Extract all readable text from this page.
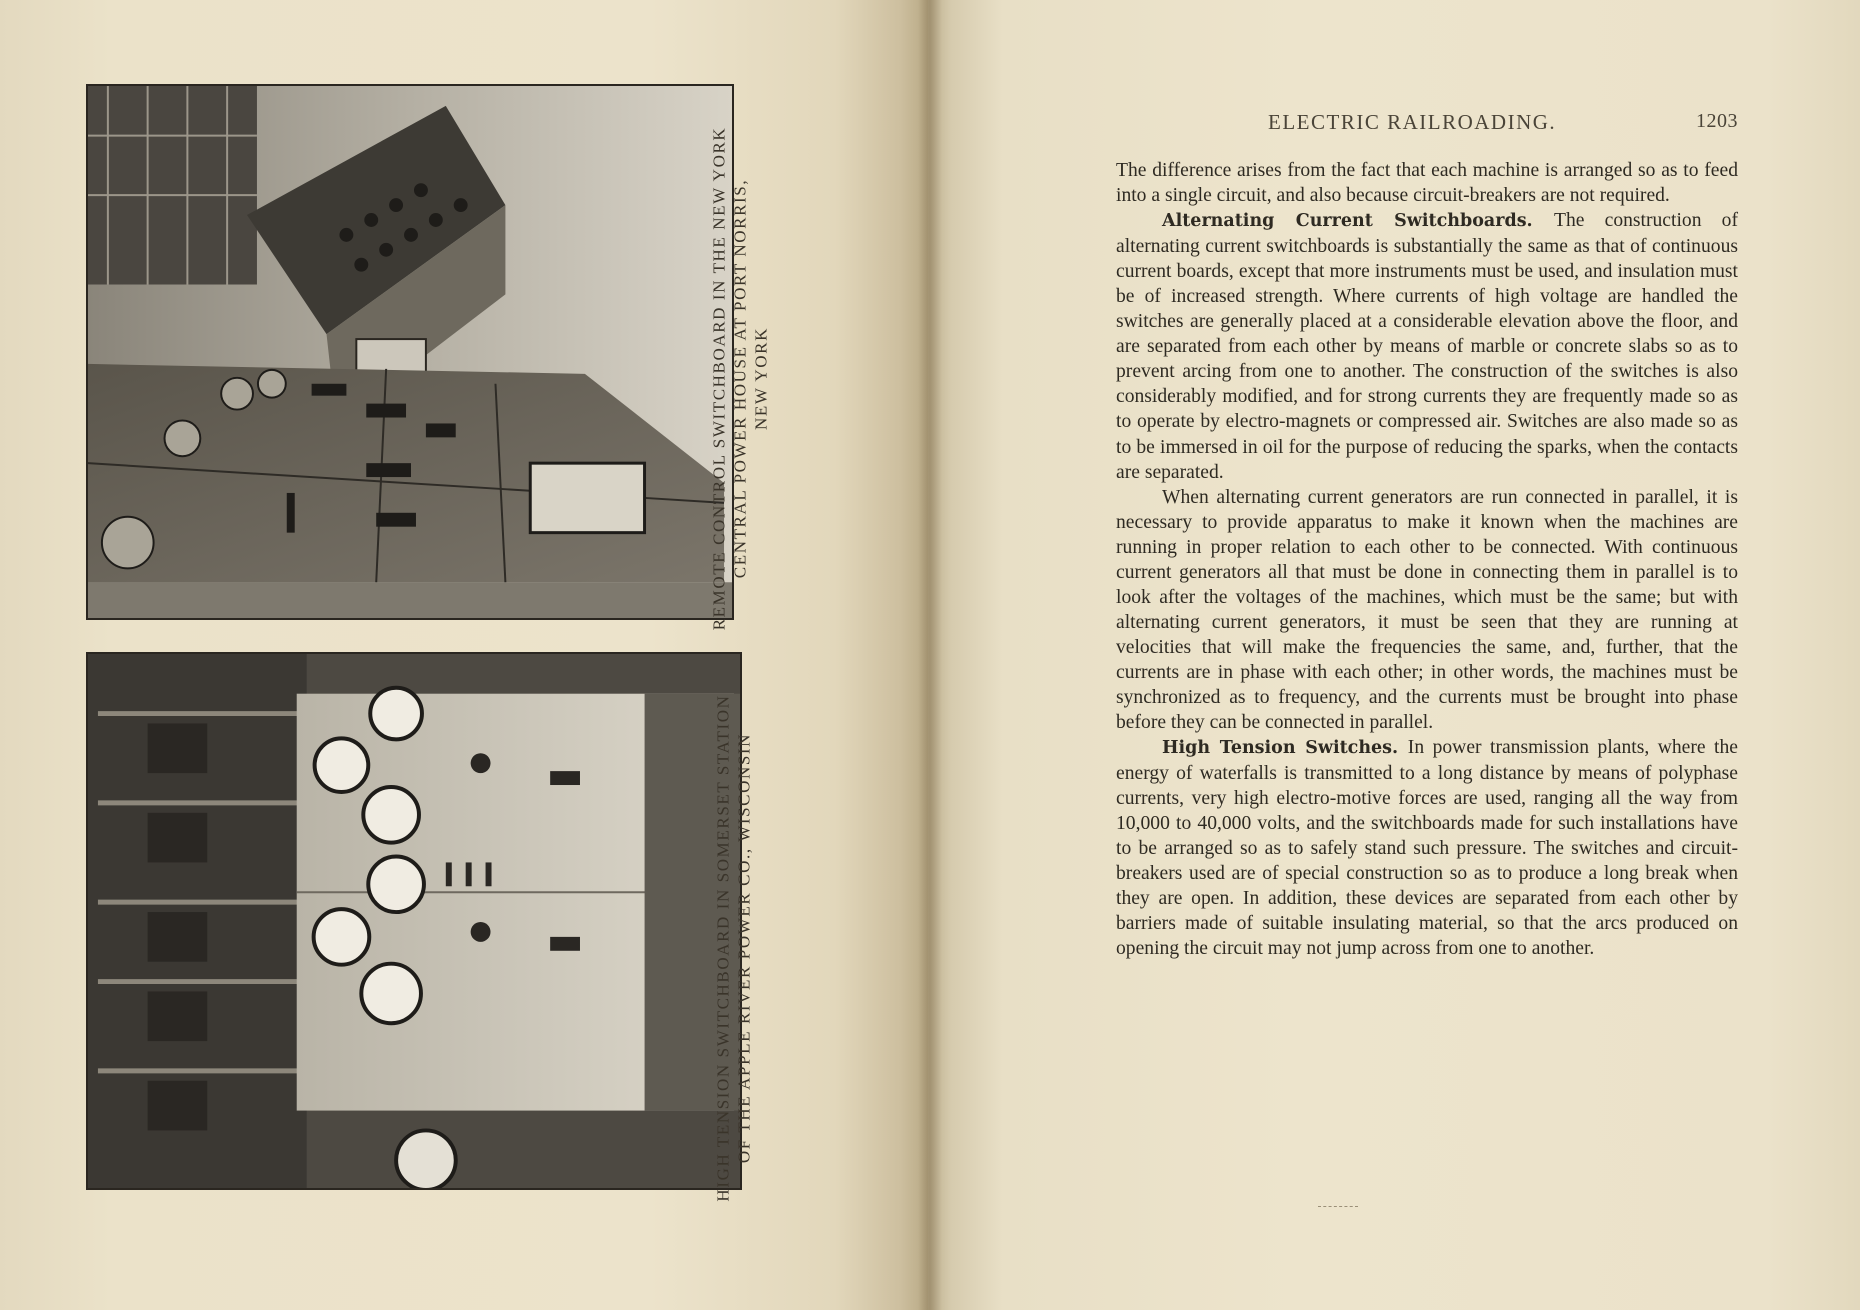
REMOTE CONTROL SWITCHBOARD IN THE NEW YORK CENTRAL POWER HOUSE AT PORT NORRIS, NEW YORK
HIGH TENSION SWITCHBOARD IN SOMERSET STATION OF THE APPLE RIVER POWER CO., WISCONSIN
ELECTRIC RAILROADING.	1203

The difference arises from the fact that each machine is arranged so as to feed into a single circuit, and also because circuit-breakers are not required.

Alternating Current Switchboards. The construction of alternating current switchboards is substantially the same as that of continuous current boards, except that more instruments must be used, and insulation must be of increased strength. Where currents of high voltage are handled the switches are generally placed at a considerable elevation above the floor, and are separated from each other by means of marble or concrete slabs so as to prevent arcing from one to another. The construction of the switches is also considerably modified, and for strong currents they are frequently made so as to operate by electro-magnets or compressed air. Switches are also made so as to be immersed in oil for the purpose of reducing the sparks, when the contacts are separated.

When alternating current generators are run connected in parallel, it is necessary to provide apparatus to make it known when the machines are running in proper relation to each other to be connected. With continuous current generators all that must be done in connecting them in parallel is to look after the voltages of the machines, which must be the same; but with alternating current generators, it must be seen that they are running at velocities that will make the frequencies the same, and, further, that the currents are in phase with each other; in other words, the machines must be synchronized as to frequency, and the currents must be brought into phase before they can be connected in parallel.

High Tension Switches. In power transmission plants, where the energy of waterfalls is transmitted to a long distance by means of polyphase currents, very high electro-motive forces are used, ranging all the way from 10,000 to 40,000 volts, and the switchboards made for such installations have to be arranged so as to safely stand such pressure. The switches and circuit-breakers used are of special construction so as to produce a long break when they are open. In addition, these devices are separated from each other by barriers made of suitable insulating material, so that the arcs produced on opening the circuit may not jump across from one to another.
